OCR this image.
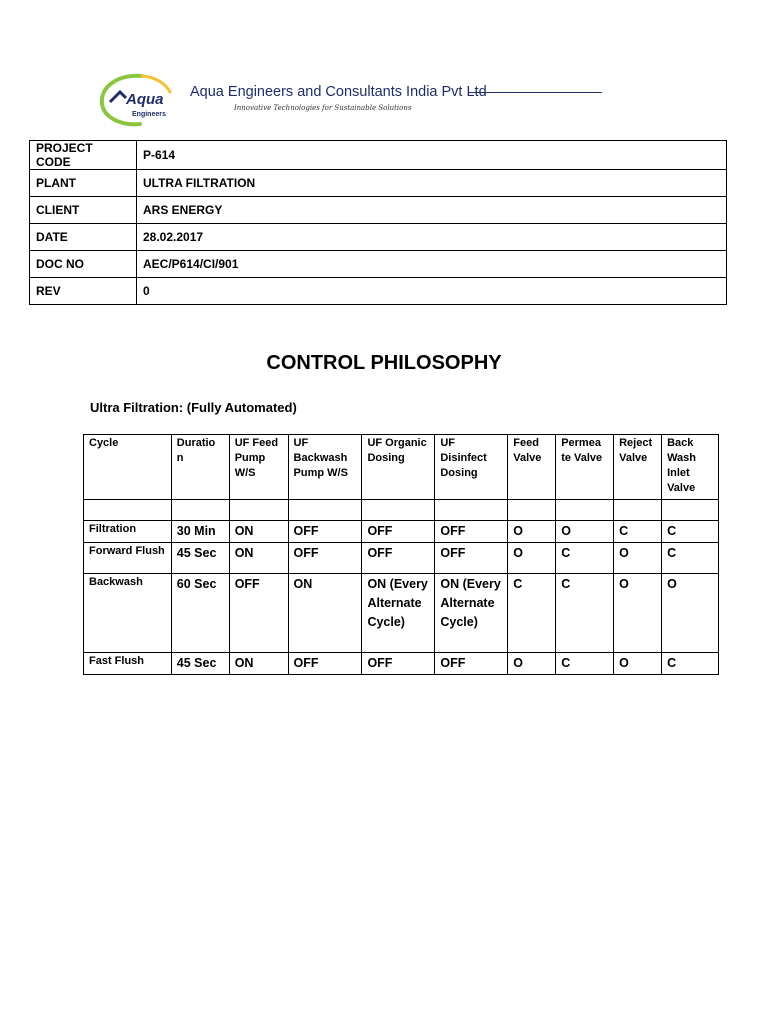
Aqua
Engineers
Aqua Engineers and Consultants India Pvt Ltd
Innovative Technologies for Sustainable Solutions
PROJECT CODE	P-614
PLANT	ULTRA FILTRATION
CLIENT	ARS ENERGY
DATE	28.02.2017
DOC NO	AEC/P614/CI/901
REV	0
CONTROL PHILOSOPHY
Ultra Filtration: (Fully Automated)
Cycle	Duratio n	UF Feed Pump W/S	UF Backwash Pump W/S	UF Organic Dosing	UF Disinfect Dosing	Feed Valve	Permea te Valve	Reject Valve	Back Wash Inlet Valve

Filtration	30 Min	ON	OFF	OFF	OFF	O	O	C	C
Forward Flush	45 Sec	ON	OFF	OFF	OFF	O	C	O	C
Backwash	60 Sec	OFF	ON	ON (Every Alternate Cycle)	ON (Every Alternate Cycle)	C	C	O	O
Fast Flush	45 Sec	ON	OFF	OFF	OFF	O	C	O	C
